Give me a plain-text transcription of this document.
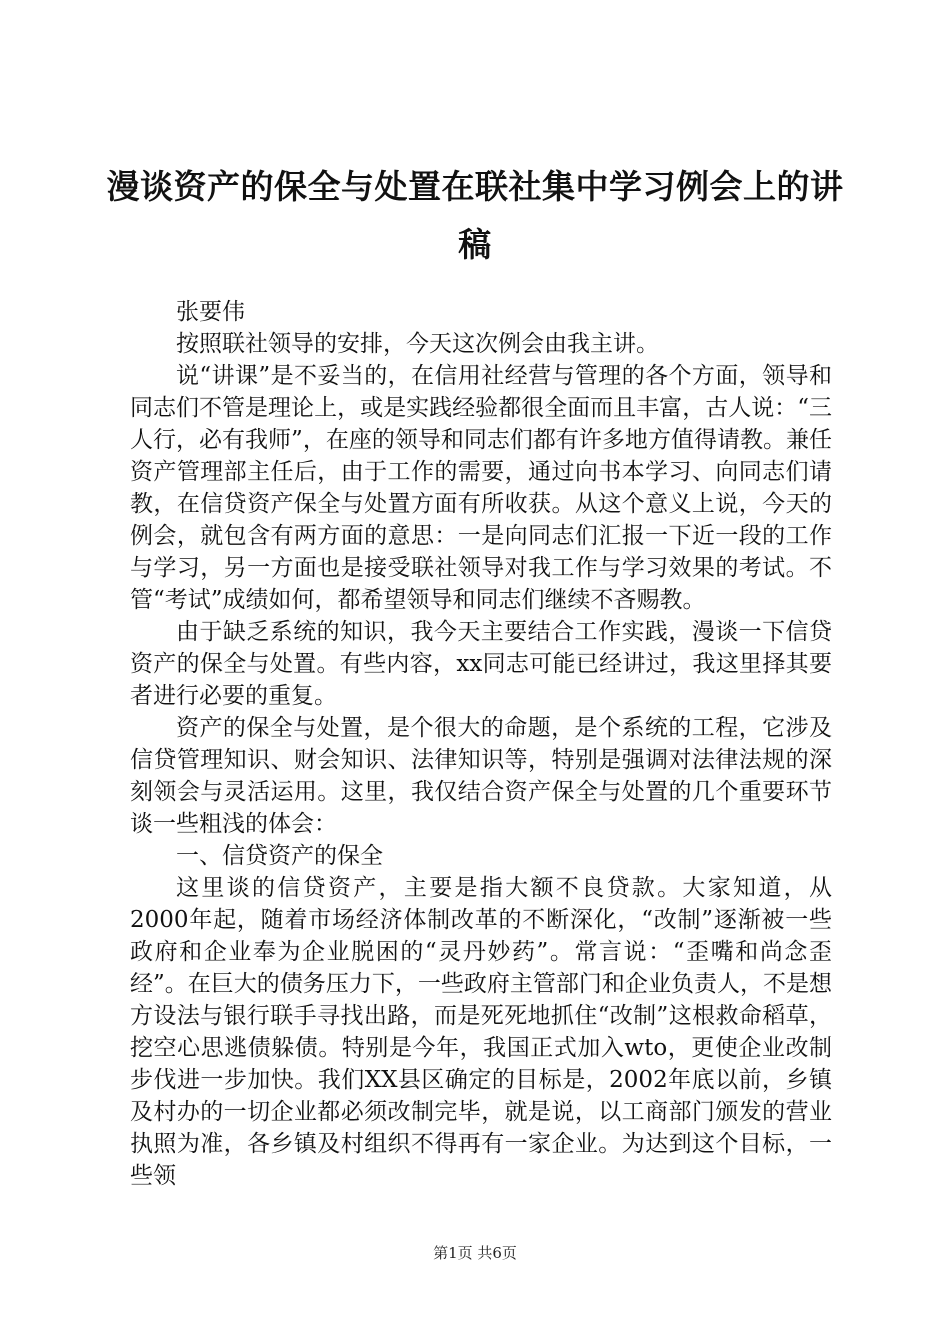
漫谈资产的保全与处置在联社集中学习例会上的讲稿

张要伟

按照联社领导的安排，今天这次例会由我主讲。

说“讲课”是不妥当的，在信用社经营与管理的各个方面，领导和同志们不管是理论上，或是实践经验都很全面而且丰富，古人说：“三人行，必有我师”，在座的领导和同志们都有许多地方值得请教。兼任资产管理部主任后，由于工作的需要，通过向书本学习、向同志们请教，在信贷资产保全与处置方面有所收获。从这个意义上说，今天的例会，就包含有两方面的意思：一是向同志们汇报一下近一段的工作与学习，另一方面也是接受联社领导对我工作与学习效果的考试。不管“考试”成绩如何，都希望领导和同志们继续不吝赐教。

由于缺乏系统的知识，我今天主要结合工作实践，漫谈一下信贷资产的保全与处置。有些内容，xx同志可能已经讲过，我这里择其要者进行必要的重复。

资产的保全与处置，是个很大的命题，是个系统的工程，它涉及信贷管理知识、财会知识、法律知识等，特别是强调对法律法规的深刻领会与灵活运用。这里，我仅结合资产保全与处置的几个重要环节谈一些粗浅的体会：

一、信贷资产的保全

这里谈的信贷资产，主要是指大额不良贷款。大家知道，从2000年起，随着市场经济体制改革的不断深化，“改制”逐渐被一些政府和企业奉为企业脱困的“灵丹妙药”。常言说：“歪嘴和尚念歪经”。在巨大的债务压力下，一些政府主管部门和企业负责人，不是想方设法与银行联手寻找出路，而是死死地抓住“改制”这根救命稻草，挖空心思逃债躲债。特别是今年，我国正式加入wto，更使企业改制步伐进一步加快。我们XX县区确定的目标是，2002年底以前，乡镇及村办的一切企业都必须改制完毕，就是说，以工商部门颁发的营业执照为准，各乡镇及村组织不得再有一家企业。为达到这个目标，一些领

第1页 共6页
